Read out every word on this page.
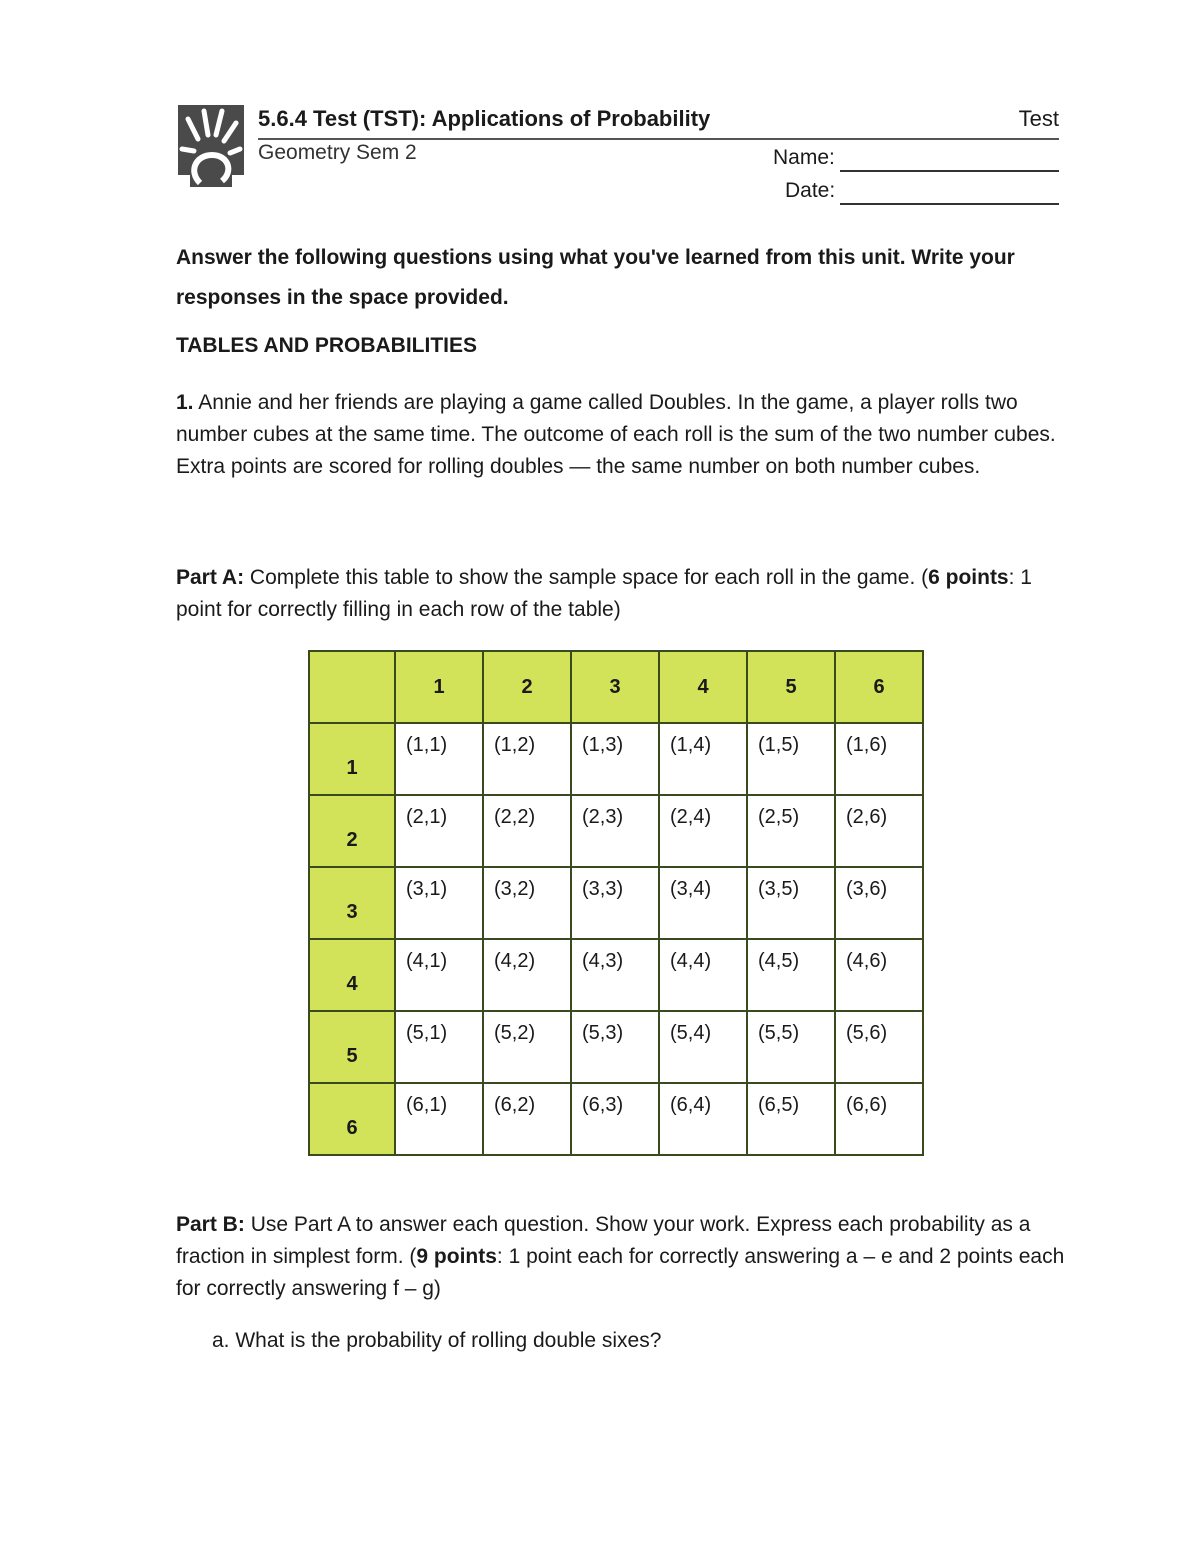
5.6.4 Test (TST): Applications of Probability	Test
Geometry Sem 2	Name:
Date:
Answer the following questions using what you've learned from this unit. Write your responses in the space provided.
TABLES AND PROBABILITIES
1. Annie and her friends are playing a game called Doubles. In the game, a player rolls two number cubes at the same time. The outcome of each roll is the sum of the two number cubes. Extra points are scored for rolling doubles — the same number on both number cubes.
Part A: Complete this table to show the sample space for each roll in the game. (6 points: 1 point for correctly filling in each row of the table)
	1	2	3	4	5	6
1	(1,1)	(1,2)	(1,3)	(1,4)	(1,5)	(1,6)
2	(2,1)	(2,2)	(2,3)	(2,4)	(2,5)	(2,6)
3	(3,1)	(3,2)	(3,3)	(3,4)	(3,5)	(3,6)
4	(4,1)	(4,2)	(4,3)	(4,4)	(4,5)	(4,6)
5	(5,1)	(5,2)	(5,3)	(5,4)	(5,5)	(5,6)
6	(6,1)	(6,2)	(6,3)	(6,4)	(6,5)	(6,6)
Part B: Use Part A to answer each question. Show your work. Express each probability as a fraction in simplest form. (9 points: 1 point each for correctly answering a – e and 2 points each for correctly answering f – g)
a. What is the probability of rolling double sixes?
